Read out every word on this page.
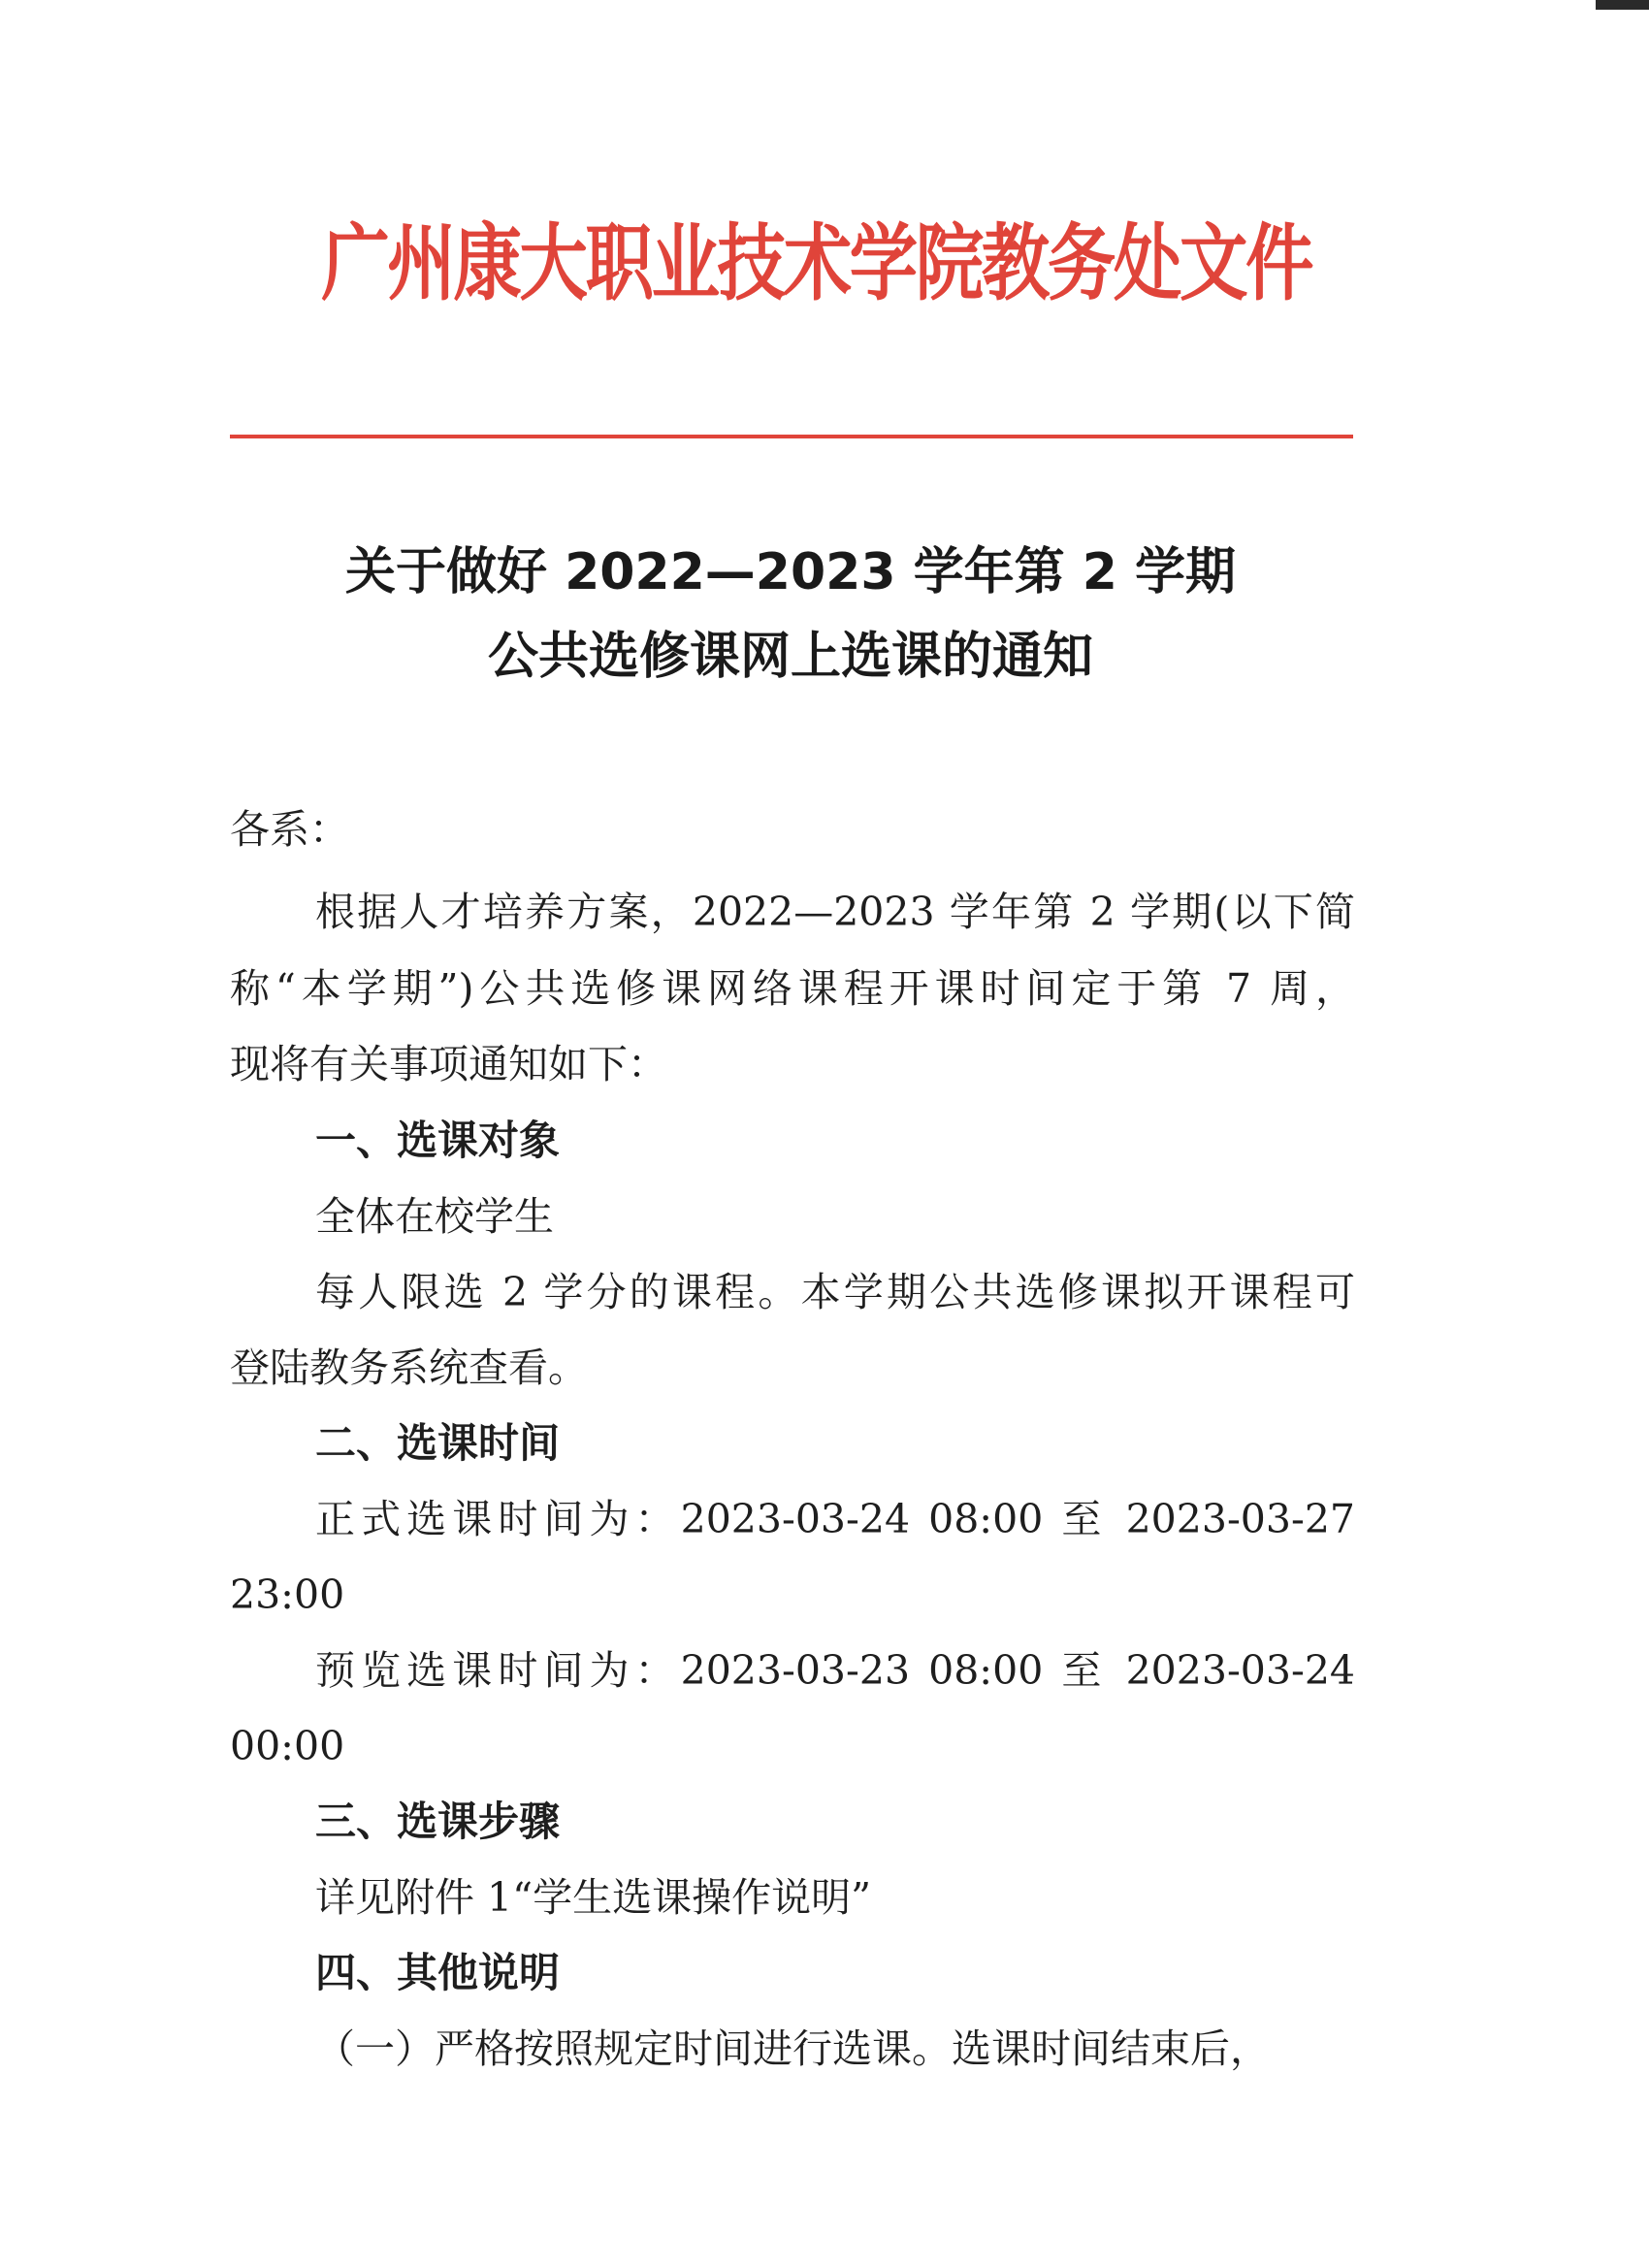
广州康大职业技术学院教务处文件
关于做好 2022—2023 学年第 2 学期
公共选修课网上选课的通知
各系：
根据人才培养方案，2022—2023 学年第 2 学期(以下简
称“本学期”)公共选修课网络课程开课时间定于第 7 周，
现将有关事项通知如下：
一、选课对象
全体在校学生
每人限选 2 学分的课程。本学期公共选修课拟开课程可
登陆教务系统查看。
二、选课时间
正式选课时间为：2023-03-24 08:00 至 2023-03-27
23:00
预览选课时间为：2023-03-23 08:00 至 2023-03-24
00:00
三、选课步骤
详见附件 1“学生选课操作说明”
四、其他说明
（一）严格按照规定时间进行选课。选课时间结束后，
